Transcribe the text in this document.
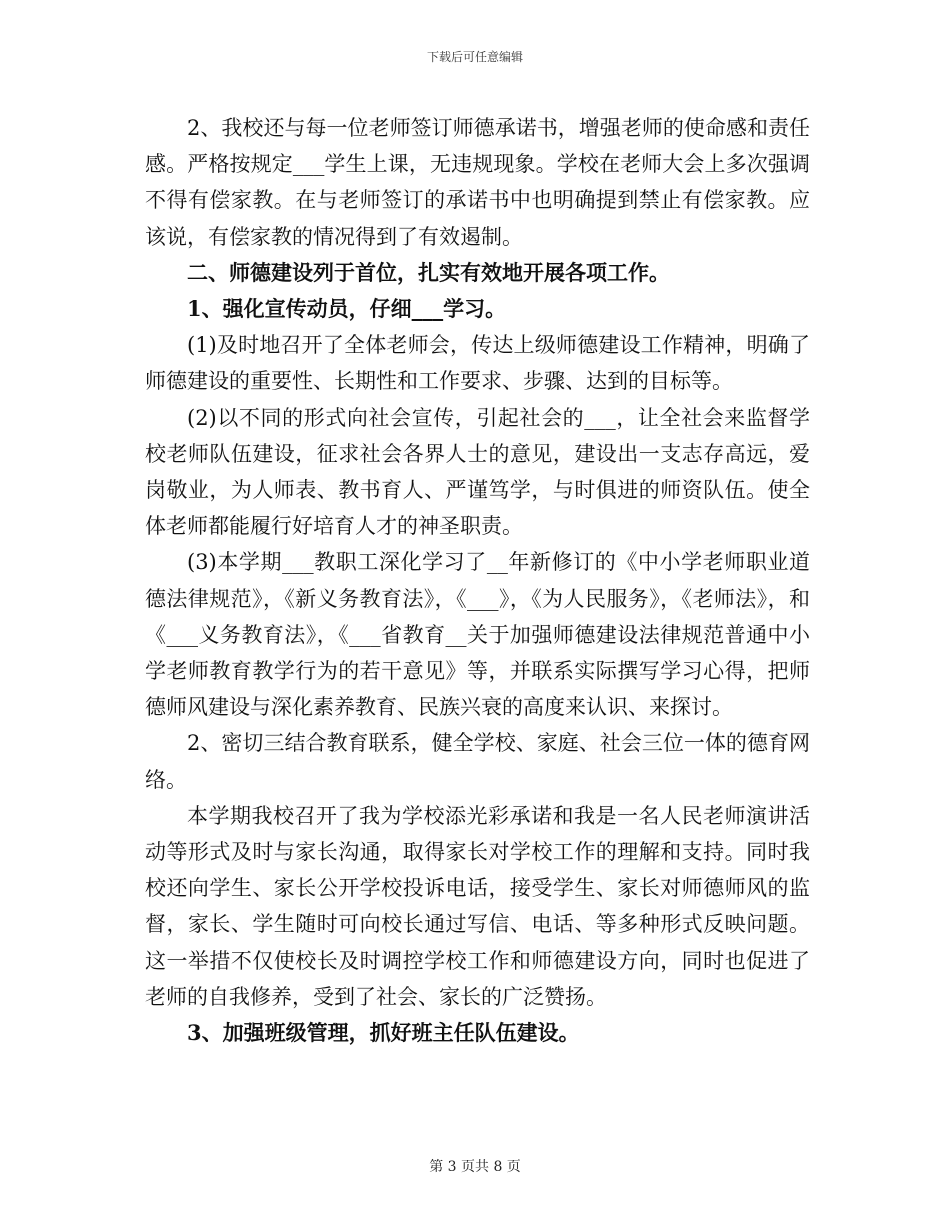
下载后可任意编辑

2、我校还与每一位老师签订师德承诺书，增强老师的使命感和责任感。严格按规定___学生上课，无违规现象。学校在老师大会上多次强调不得有偿家教。在与老师签订的承诺书中也明确提到禁止有偿家教。应该说，有偿家教的情况得到了有效遏制。

二、师德建设列于首位，扎实有效地开展各项工作。

1、强化宣传动员，仔细___学习。

(1)及时地召开了全体老师会，传达上级师德建设工作精神，明确了师德建设的重要性、长期性和工作要求、步骤、达到的目标等。

(2)以不同的形式向社会宣传，引起社会的___，让全社会来监督学校老师队伍建设，征求社会各界人士的意见，建设出一支志存高远，爱岗敬业，为人师表、教书育人、严谨笃学，与时俱进的师资队伍。使全体老师都能履行好培育人才的神圣职责。

(3)本学期___教职工深化学习了__年新修订的《中小学老师职业道德法律规范》，《新义务教育法》，《___》，《为人民服务》，《老师法》，和《___义务教育法》，《___省教育__关于加强师德建设法律规范普通中小学老师教育教学行为的若干意见》等，并联系实际撰写学习心得，把师德师风建设与深化素养教育、民族兴衰的高度来认识、来探讨。

2、密切三结合教育联系，健全学校、家庭、社会三位一体的德育网络。

本学期我校召开了我为学校添光彩承诺和我是一名人民老师演讲活动等形式及时与家长沟通，取得家长对学校工作的理解和支持。同时我校还向学生、家长公开学校投诉电话，接受学生、家长对师德师风的监督，家长、学生随时可向校长通过写信、电话、等多种形式反映问题。这一举措不仅使校长及时调控学校工作和师德建设方向，同时也促进了老师的自我修养，受到了社会、家长的广泛赞扬。

3、加强班级管理，抓好班主任队伍建设。

第 3 页共 8 页
